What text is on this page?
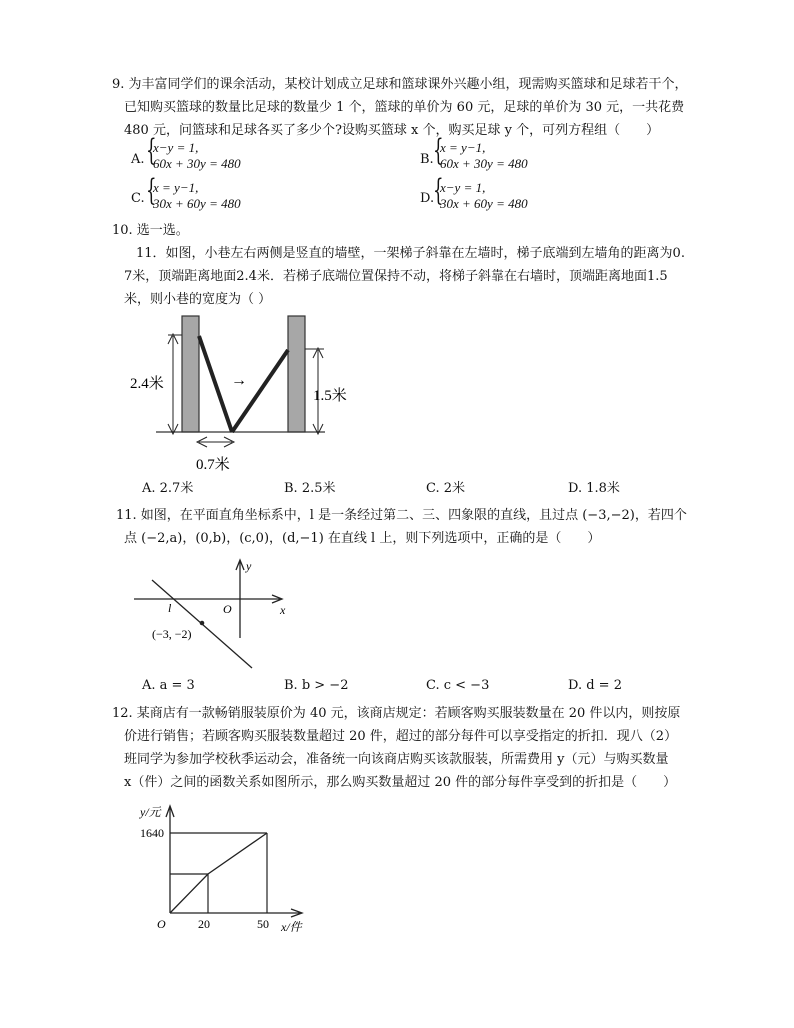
9. 为丰富同学们的课余活动，某校计划成立足球和篮球课外兴趣小组，现需购买篮球和足球若干个，
已知购买篮球的数量比足球的数量少 1 个，篮球的单价为 60 元，足球的单价为 30 元，一共花费
480 元，问篮球和足球各买了多少个?设购买篮球 x 个，购买足球 y 个，可列方程组（　　）
A. {
x−y = 1,
60x + 30y = 480	B. {
x = y−1,
60x + 30y = 480
C. {
x = y−1,
30x + 60y = 480	D.
{
x−y = 1,
30x + 60y = 480
10. 选一选。
11．如图，小巷左右两侧是竖直的墙壁，一架梯子斜靠在左墙时，梯子底端到左墙角的距离为0.
7米，顶端距离地面2.4米．若梯子底端位置保持不动，将梯子斜靠在右墙时，顶端距离地面1.5
米，则小巷的宽度为（ ）
→
2.4米
1.5米
0.7米
A. 2.7米	B. 2.5米	C. 2米	D. 1.8米
11. 如图，在平面直角坐标系中，l 是一条经过第二、三、四象限的直线，且过点 (−3,−2)，若四个
点 (−2,a)，(0,b)，(c,0)，(d,−1) 在直线 l 上，则下列选项中，正确的是（　　）
y
x
O
l
(−3, −2)
A. a = 3	B. b > −2	C. c < −3	D. d = 2
12. 某商店有一款畅销服装原价为 40 元，该商店规定：若顾客购买服装数量在 20 件以内，则按原
价进行销售；若顾客购买服装数量超过 20 件，超过的部分每件可以享受指定的折扣．现八（2）
班同学为参加学校秋季运动会，准备统一向该商店购买该款服装，所需费用 y（元）与购买数量
x（件）之间的函数关系如图所示，那么购买数量超过 20 件的部分每件享受到的折扣是（　　）
y/元
1640
O	20	50 x/件
